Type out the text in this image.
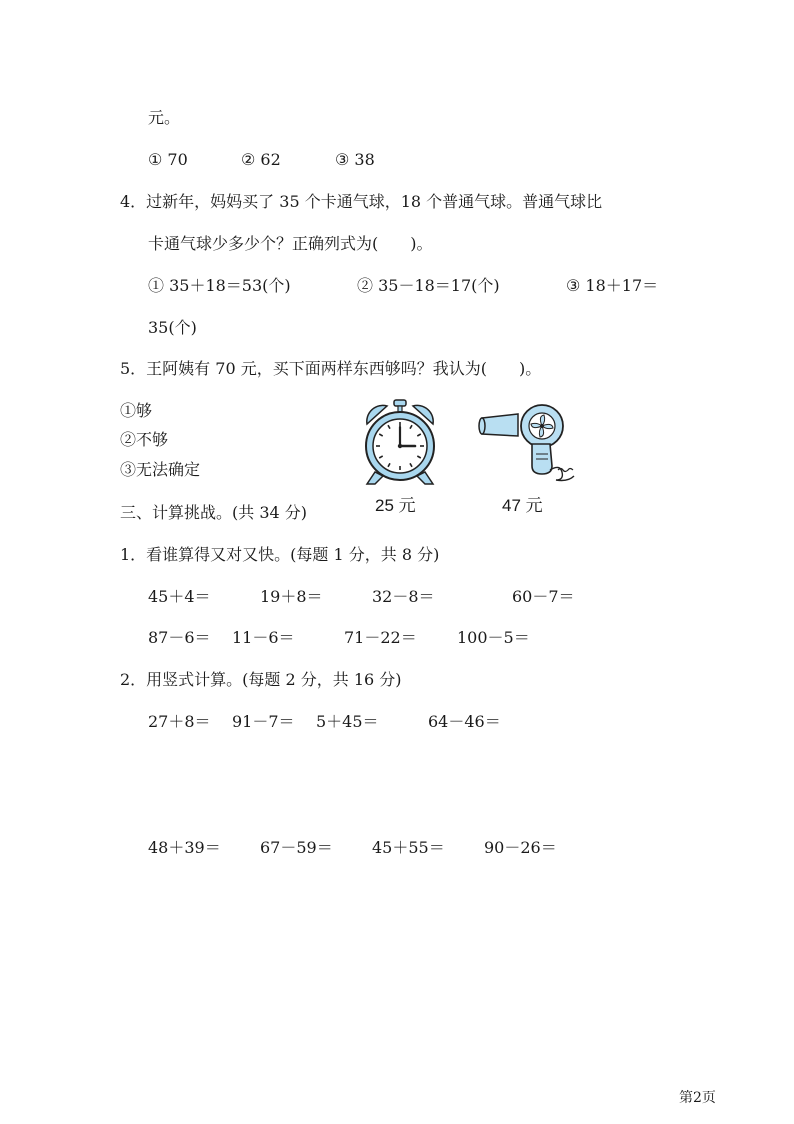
元。
① 70	② 62	③ 38
4．过新年，妈妈买了 35 个卡通气球，18 个普通气球。普通气球比
卡通气球少多少个？正确列式为(　　)。
① 35＋18＝53(个)	② 35－18＝17(个)	③ 18＋17＝
35(个)
5．王阿姨有 70 元，买下面两样东西够吗？我认为(　　)。
①够
②不够
③无法确定
25 元	47 元
三、计算挑战。(共 34 分)
1．看谁算得又对又快。(每题 1 分，共 8 分)
45＋4＝	19＋8＝	32－8＝	60－7＝
87－6＝ 11－6＝	71－22＝	100－5＝
2．用竖式计算。(每题 2 分，共 16 分)
27＋8＝ 91－7＝ 5＋45＝	64－46＝
48＋39＝ 67－59＝ 45＋55＝ 90－26＝
第2页
